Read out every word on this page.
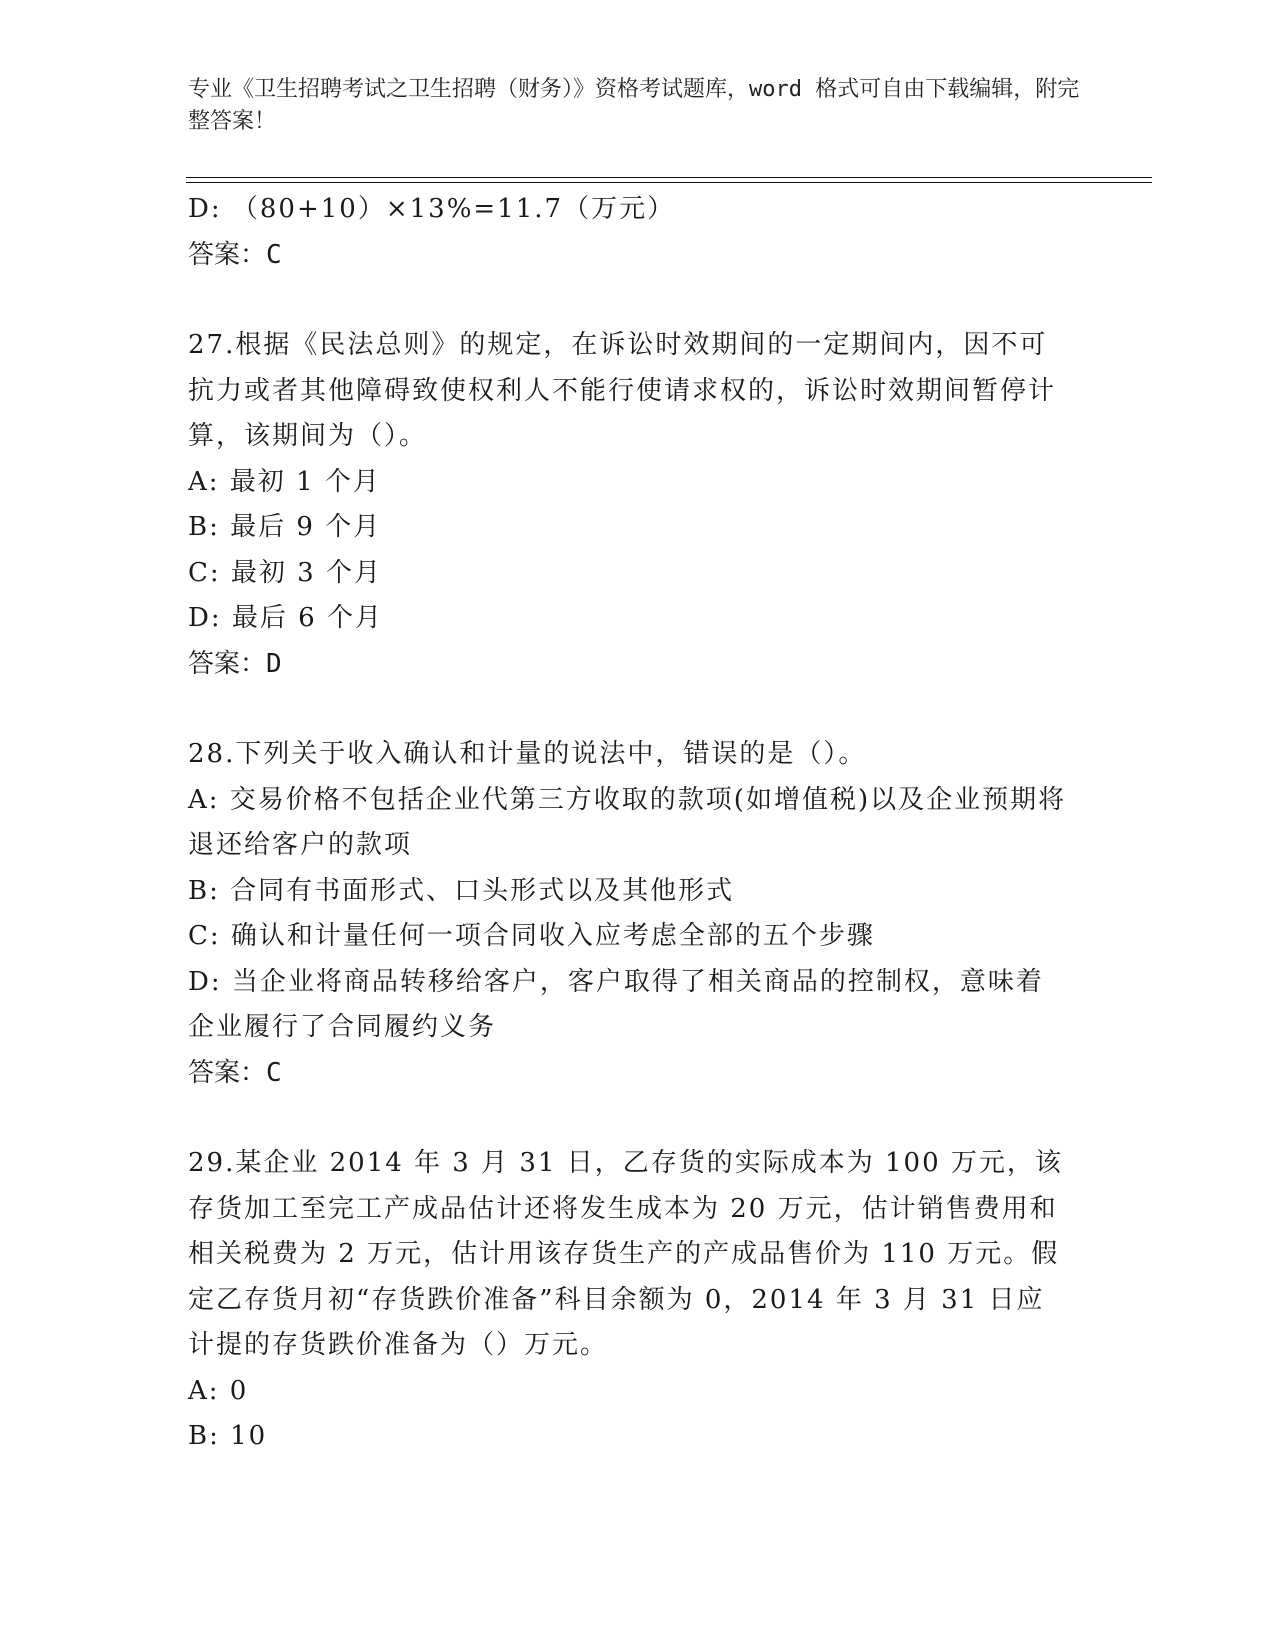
专业《卫生招聘考试之卫生招聘（财务）》资格考试题库，word 格式可自由下载编辑，附完整答案！

D: （80+10）×13%=11.7（万元）

答案：C

27.根据《民法总则》的规定，在诉讼时效期间的一定期间内，因不可抗力或者其他障碍致使权利人不能行使请求权的，诉讼时效期间暂停计算，该期间为（）。

A: 最初 1 个月

B: 最后 9 个月

C: 最初 3 个月

D: 最后 6 个月

答案：D

28.下列关于收入确认和计量的说法中，错误的是（）。

A: 交易价格不包括企业代第三方收取的款项(如增值税)以及企业预期将退还给客户的款项

B: 合同有书面形式、口头形式以及其他形式

C: 确认和计量任何一项合同收入应考虑全部的五个步骤

D: 当企业将商品转移给客户，客户取得了相关商品的控制权，意味着企业履行了合同履约义务

答案：C

29.某企业 2014 年 3 月 31 日，乙存货的实际成本为 100 万元，该存货加工至完工产成品估计还将发生成本为 20 万元，估计销售费用和相关税费为 2 万元，估计用该存货生产的产成品售价为 110 万元。假定乙存货月初“存货跌价准备”科目余额为 0，2014 年 3 月 31 日应计提的存货跌价准备为（）万元。

A: 0

B: 10
